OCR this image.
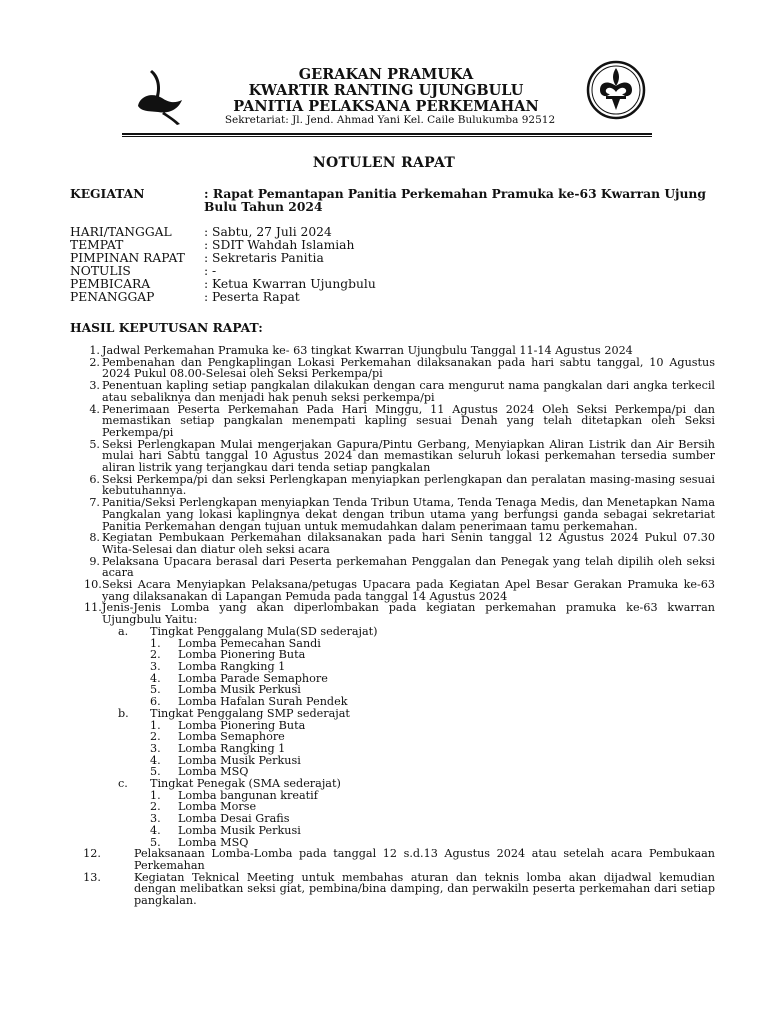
GERAKAN PRAMUKA
KWARTIR RANTING UJUNGBULU
PANITIA PELAKSANA PERKEMAHAN
Sekretariat: Jl. Jend. Ahmad Yani Kel. Caile Bulukumba 92512
NOTULEN RAPAT
KEGIATAN	: Rapat Pemantapan Panitia Perkemahan Pramuka ke-63 Kwarran Ujung Bulu Tahun 2024
HARI/TANGGAL	: Sabtu, 27 Juli 2024
TEMPAT	: SDIT Wahdah Islamiah
PIMPINAN RAPAT : Sekretaris Panitia
NOTULIS	: -
PEMBICARA	: Ketua Kwarran Ujungbulu
PENANGGAP	: Peserta Rapat
HASIL KEPUTUSAN RAPAT:
1. Jadwal Perkemahan Pramuka ke- 63 tingkat Kwarran Ujungbulu Tanggal 11-14 Agustus 2024
2. Pembenahan dan Pengkaplingan Lokasi Perkemahan dilaksanakan pada hari sabtu tanggal, 10 Agustus 2024 Pukul 08.00-Selesai oleh Seksi Perkempa/pi
3. Penentuan kapling setiap pangkalan dilakukan dengan cara mengurut nama pangkalan dari angka terkecil atau sebaliknya dan menjadi hak penuh seksi perkempa/pi
4. Penerimaan Peserta Perkemahan Pada Hari Minggu, 11 Agustus 2024 Oleh Seksi Perkempa/pi dan memastikan setiap pangkalan menempati kapling sesuai Denah yang telah ditetapkan oleh Seksi Perkempa/pi
5. Seksi Perlengkapan Mulai mengerjakan Gapura/Pintu Gerbang, Menyiapkan Aliran Listrik dan Air Bersih mulai hari Sabtu tanggal 10 Agustus 2024 dan memastikan seluruh lokasi perkemahan tersedia sumber aliran listrik yang terjangkau dari tenda setiap pangkalan
6. Seksi Perkempa/pi dan seksi Perlengkapan menyiapkan perlengkapan dan peralatan masing-masing sesuai kebutuhannya.
7. Panitia/Seksi Perlengkapan menyiapkan Tenda Tribun Utama, Tenda Tenaga Medis, dan Menetapkan Nama Pangkalan yang lokasi kaplingnya dekat dengan tribun utama yang berfungsi ganda sebagai sekretariat Panitia Perkemahan dengan tujuan untuk memudahkan dalam penerimaan tamu perkemahan.
8. Kegiatan Pembukaan Perkemahan dilaksanakan pada hari Senin tanggal 12 Agustus 2024 Pukul 07.30 Wita-Selesai dan diatur oleh seksi acara
9. Pelaksana Upacara berasal dari Peserta perkemahan Penggalan dan Penegak yang telah dipilih oleh seksi acara
10. Seksi Acara Menyiapkan Pelaksana/petugas Upacara pada Kegiatan Apel Besar Gerakan Pramuka ke-63 yang dilaksanakan di Lapangan Pemuda pada tanggal 14 Agustus 2024
11. Jenis-Jenis Lomba yang akan diperlombakan pada kegiatan perkemahan pramuka ke-63 kwarran Ujungbulu Yaitu:
a. Tingkat Penggalang Mula(SD sederajat)
1. Lomba Pemecahan Sandi
2. Lomba Pionering Buta
3. Lomba Rangking 1
4. Lomba Parade Semaphore
5. Lomba Musik Perkusi
6. Lomba Hafalan Surah Pendek
b. Tingkat Penggalang SMP sederajat
1. Lomba Pionering Buta
2. Lomba Semaphore
3. Lomba Rangking 1
4. Lomba Musik Perkusi
5. Lomba MSQ
c. Tingkat Penegak (SMA sederajat)
1. Lomba bangunan kreatif
2. Lomba Morse
3. Lomba Desai Grafis
4. Lomba Musik Perkusi
5. Lomba MSQ
12.	Pelaksanaan Lomba-Lomba pada tanggal 12 s.d.13 Agustus 2024 atau setelah acara Pembukaan Perkemahan
13.	Kegiatan Teknical Meeting untuk membahas aturan dan teknis lomba akan dijadwal kemudian dengan melibatkan seksi giat, pembina/bina damping, dan perwakiln peserta perkemahan dari setiap pangkalan.
